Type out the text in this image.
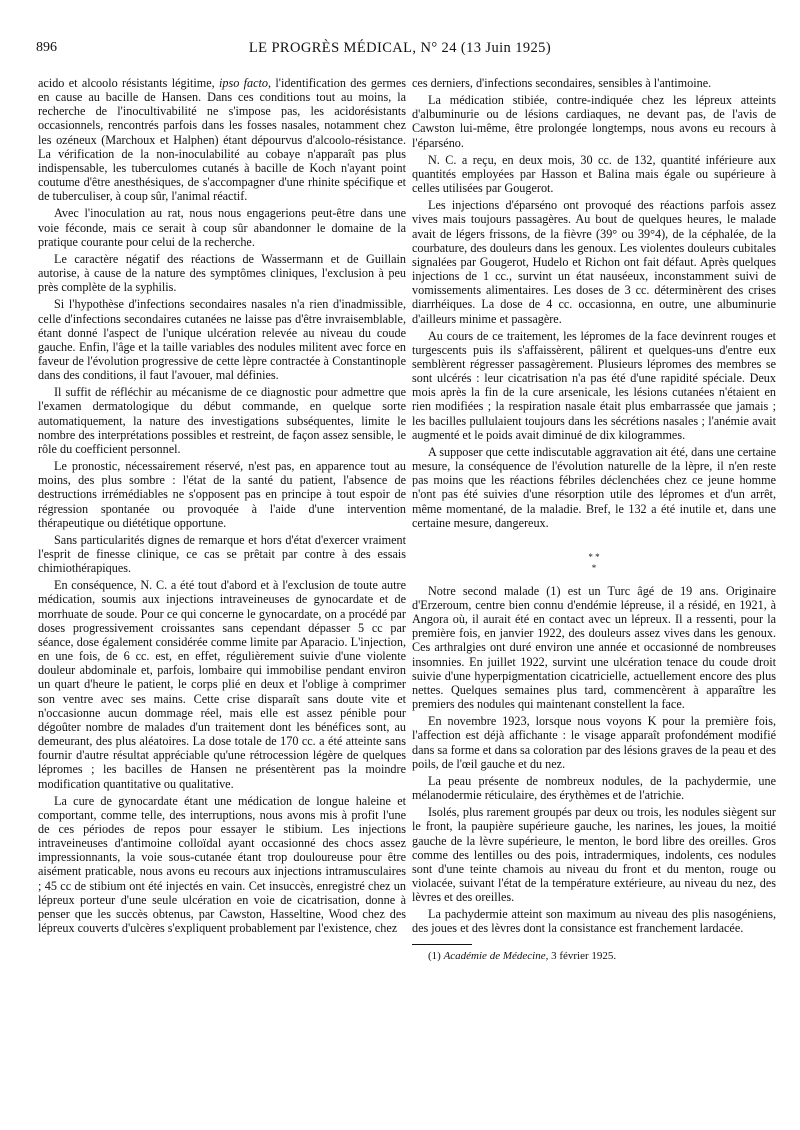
896	LE PROGRÈS MÉDICAL, N° 24 (13 Juin 1925)

acido et alcoolo résistants légitime, ipso facto, l'identification des germes en cause au bacille de Hansen. Dans ces conditions tout au moins, la recherche de l'inocultivabilité ne s'impose pas, les acidorésistants occasionnels, rencontrés parfois dans les fosses nasales, notamment chez les ozéneux (Marchoux et Halphen) étant dépourvus d'alcoolo-résistance. La vérification de la non-inoculabilité au cobaye n'apparaît pas plus indispensable, les tuberculomes cutanés à bacille de Koch n'ayant point coutume d'être anesthésiques, de s'accompagner d'une rhinite spécifique et de tuberculiser, à coup sûr, l'animal réactif.

Avec l'inoculation au rat, nous nous engagerions peut-être dans une voie féconde, mais ce serait à coup sûr abandonner le domaine de la pratique courante pour celui de la recherche.

Le caractère négatif des réactions de Wassermann et de Guillain autorise, à cause de la nature des symptômes cliniques, l'exclusion à peu près complète de la syphilis.

Si l'hypothèse d'infections secondaires nasales n'a rien d'inadmissible, celle d'infections secondaires cutanées ne laisse pas d'être invraisemblable, étant donné l'aspect de l'unique ulcération relevée au niveau du coude gauche. Enfin, l'âge et la taille variables des nodules militent avec force en faveur de l'évolution progressive de cette lèpre contractée à Constantinople dans des conditions, il faut l'avouer, mal définies.

Il suffit de réfléchir au mécanisme de ce diagnostic pour admettre que l'examen dermatologique du début commande, en quelque sorte automatiquement, la nature des investigations subséquentes, limite le nombre des interprétations possibles et restreint, de façon assez sensible, le rôle du coefficient personnel.

Le pronostic, nécessairement réservé, n'est pas, en apparence tout au moins, des plus sombre : l'état de la santé du patient, l'absence de destructions irrémédiables ne s'opposent pas en principe à tout espoir de régression spontanée ou provoquée à l'aide d'une intervention thérapeutique ou diététique opportune.

Sans particularités dignes de remarque et hors d'état d'exercer vraiment l'esprit de finesse clinique, ce cas se prêtait par contre à des essais chimiothérapiques.

En conséquence, N. C. a été tout d'abord et à l'exclusion de toute autre médication, soumis aux injections intraveineuses de gynocardate et de morrhuate de soude. Pour ce qui concerne le gynocardate, on a procédé par doses progressivement croissantes sans cependant dépasser 5 cc par séance, dose également considérée comme limite par Aparacio. L'injection, en une fois, de 6 cc. est, en effet, régulièrement suivie d'une violente douleur abdominale et, parfois, lombaire qui immobilise pendant environ un quart d'heure le patient, le corps plié en deux et l'oblige à comprimer son ventre avec ses mains. Cette crise disparaît sans doute vite et n'occasionne aucun dommage réel, mais elle est assez pénible pour dégoûter nombre de malades d'un traitement dont les bénéfices sont, au demeurant, des plus aléatoires. La dose totale de 170 cc. a été atteinte sans fournir d'autre résultat appréciable qu'une rétrocession légère de quelques lépromes ; les bacilles de Hansen ne présentèrent pas la moindre modification quantitative ou qualitative.

La cure de gynocardate étant une médication de longue haleine et comportant, comme telle, des interruptions, nous avons mis à profit l'une de ces périodes de repos pour essayer le stibium. Les injections intraveineuses d'antimoine colloïdal ayant occasionné des chocs assez impressionnants, la voie sous-cutanée étant trop douloureuse pour être aisément praticable, nous avons eu recours aux injections intramusculaires ; 45 cc de stibium ont été injectés en vain. Cet insuccès, enregistré chez un lépreux porteur d'une seule ulcération en voie de cicatrisation, donne à penser que les succès obtenus, par Cawston, Hasseltine, Wood chez des lépreux couverts d'ulcères s'expliquent probablement par l'existence, chez

ces derniers, d'infections secondaires, sensibles à l'antimoine.

La médication stibiée, contre-indiquée chez les lépreux atteints d'albuminurie ou de lésions cardiaques, ne devant pas, de l'avis de Cawston lui-même, être prolongée longtemps, nous avons eu recours à l'éparséno.

N. C. a reçu, en deux mois, 30 cc. de 132, quantité inférieure aux quantités employées par Hasson et Balina mais égale ou supérieure à celles utilisées par Gougerot.

Les injections d'éparséno ont provoqué des réactions parfois assez vives mais toujours passagères. Au bout de quelques heures, le malade avait de légers frissons, de la fièvre (39° ou 39°4), de la céphalée, de la courbature, des douleurs dans les genoux. Les violentes douleurs cubitales signalées par Gougerot, Hudelo et Richon ont fait défaut. Après quelques injections de 1 cc., survint un état nauséeux, inconstamment suivi de vomissements alimentaires. Les doses de 3 cc. déterminèrent des crises diarrhéiques. La dose de 4 cc. occasionna, en outre, une albuminurie d'ailleurs minime et passagère.

Au cours de ce traitement, les lépromes de la face devinrent rouges et turgescents puis ils s'affaissèrent, pâlirent et quelques-uns d'entre eux semblèrent régresser passagèrement. Plusieurs lépromes des membres se sont ulcérés : leur cicatrisation n'a pas été d'une rapidité spéciale. Deux mois après la fin de la cure arsenicale, les lésions cutanées n'étaient en rien modifiées ; la respiration nasale était plus embarrassée que jamais ; les bacilles pullulaient toujours dans les sécrétions nasales ; l'anémie avait augmenté et le poids avait diminué de dix kilogrammes.

A supposer que cette indiscutable aggravation ait été, dans une certaine mesure, la conséquence de l'évolution naturelle de la lèpre, il n'en reste pas moins que les réactions fébriles déclenchées chez ce jeune homme n'ont pas été suivies d'une résorption utile des lépromes et d'un arrêt, même momentané, de la maladie. Bref, le 132 a été inutile et, dans une certaine mesure, dangereux.

* *
*

Notre second malade (1) est un Turc âgé de 19 ans. Originaire d'Erzeroum, centre bien connu d'endémie lépreuse, il a résidé, en 1921, à Angora où, il aurait été en contact avec un lépreux. Il a ressenti, pour la première fois, en janvier 1922, des douleurs assez vives dans les genoux. Ces arthralgies ont duré environ une année et occasionné de nombreuses insomnies. En juillet 1922, survint une ulcération tenace du coude droit suivie d'une hyperpigmentation cicatricielle, actuellement encore des plus nettes. Quelques semaines plus tard, commencèrent à apparaître les premiers des nodules qui maintenant constellent la face.

En novembre 1923, lorsque nous voyons K pour la première fois, l'affection est déjà affichante : le visage apparaît profondément modifié dans sa forme et dans sa coloration par des lésions graves de la peau et des poils, de l'œil gauche et du nez.

La peau présente de nombreux nodules, de la pachydermie, une mélanodermie réticulaire, des érythèmes et de l'atrichie.

Isolés, plus rarement groupés par deux ou trois, les nodules siègent sur le front, la paupière supérieure gauche, les narines, les joues, la moitié gauche de la lèvre supérieure, le menton, le bord libre des oreilles. Gros comme des lentilles ou des pois, intradermiques, indolents, ces nodules sont d'une teinte chamois au niveau du front et du menton, rouge ou violacée, suivant l'état de la température extérieure, au niveau du nez, des lèvres et des oreilles.

La pachydermie atteint son maximum au niveau des plis nasogéniens, des joues et des lèvres dont la consistance est franchement lardacée.

(1) Académie de Médecine, 3 février 1925.
